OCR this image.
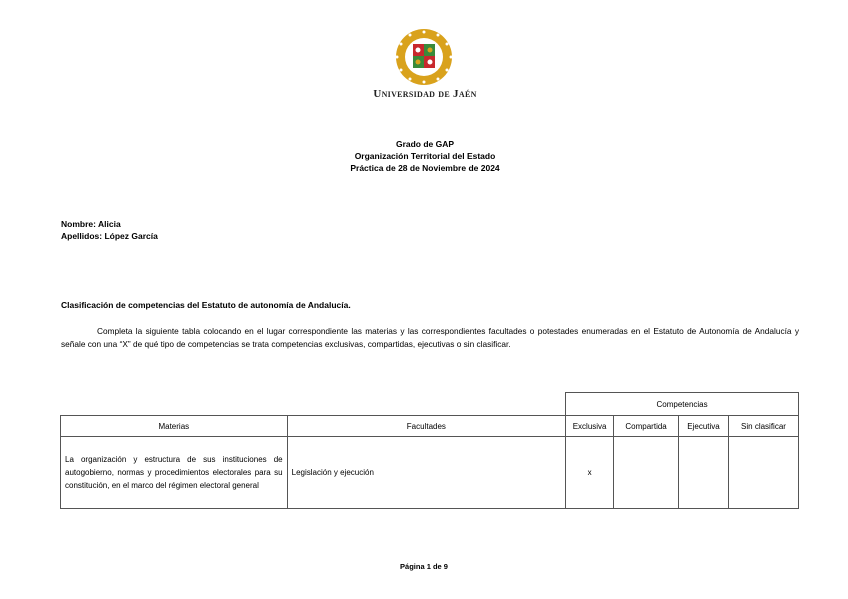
Universidad de Jaén
Grado de GAP
Organización Territorial del Estado
Práctica de 28 de Noviembre de 2024
Nombre: Alicia
Apellidos: López García
Clasificación de competencias del Estatuto de autonomía de Andalucía.
Completa la siguiente tabla colocando en el lugar correspondiente las materias y las correspondientes facultades o potestades enumeradas en el Estatuto de Autonomía de Andalucía y señale con una “X” de qué tipo de competencias se trata competencias exclusivas, compartidas, ejecutivas o sin clasificar.
		Competencias			
Materias	Facultades	Exclusiva	Compartida	Ejecutiva	Sin clasificar
La organización y estructura de sus instituciones de autogobierno, normas y procedimientos electorales para su constitución, en el marco del régimen electoral general	Legislación y ejecución	x			
Página 1 de 9
